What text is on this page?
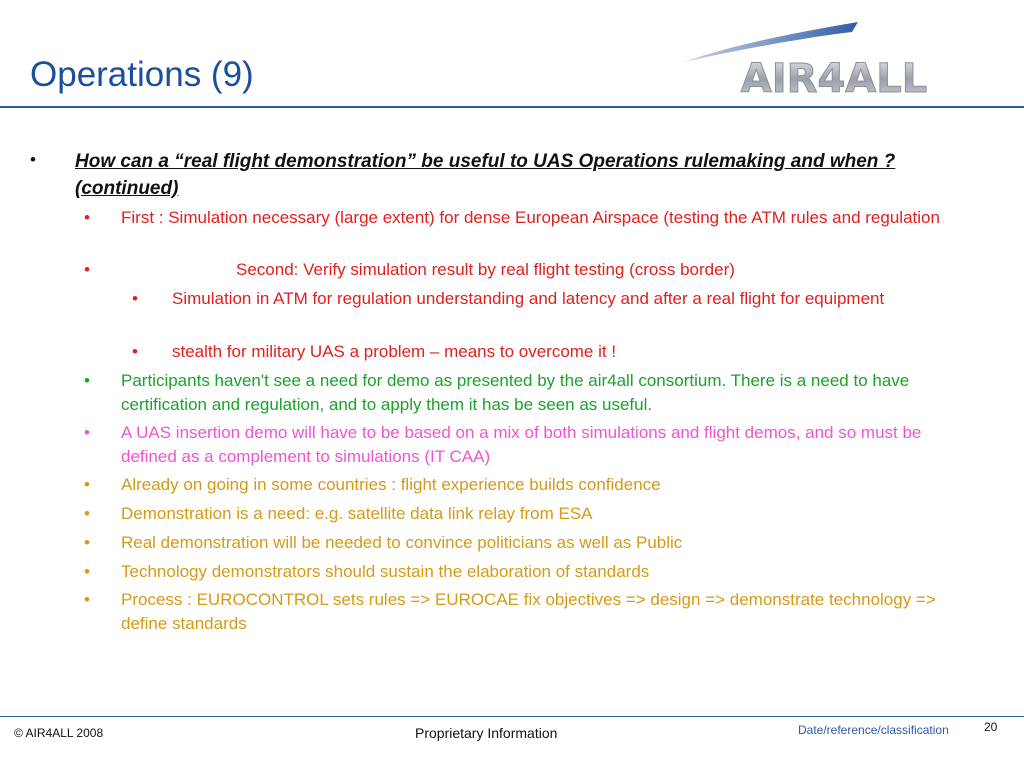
Operations (9)	AIR4ALL
• How can a “real flight demonstration” be useful to UAS Operations rulemaking and when ? (continued)
• First : Simulation necessary (large extent) for dense European Airspace (testing the ATM rules and regulation
•	Second: Verify simulation result by real flight testing (cross border)
• Simulation in ATM for regulation understanding and latency and after a real flight for equipment
• stealth for military UAS a problem – means to overcome it !
• Participants haven't see a need for demo as presented by the air4all consortium. There is a need to have certification and regulation, and to apply them it has be seen as useful.
• A UAS insertion demo will have to be based on a mix of both simulations and flight demos, and so must be defined as a complement to simulations (IT CAA)
• Already on going in some countries : flight experience builds confidence
• Demonstration is a need: e.g. satellite data link relay from ESA
• Real demonstration will be needed to convince politicians as well as Public
• Technology demonstrators should sustain the elaboration of standards
• Process : EUROCONTROL sets rules => EUROCAE fix objectives => design => demonstrate technology => define standards
© AIR4ALL 2008	Proprietary Information	Date/reference/classification	20
